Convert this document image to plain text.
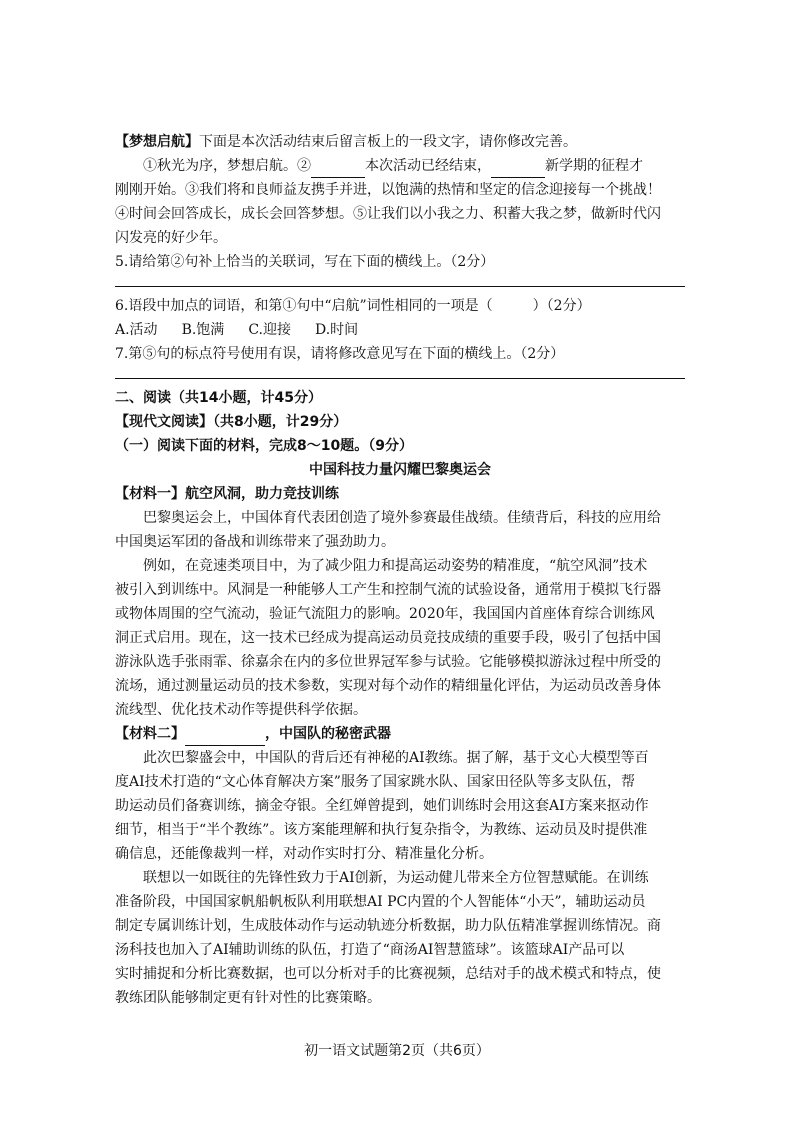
【梦想启航】下面是本次活动结束后留言板上的一段文字，请你修改完善。
①秋光为序，梦想启航。②	本次活动已经结束，	新学期的征程才
刚刚开始。③我们将和良师益友携手并进，以饱满的热情和坚定的信念迎接每一个挑战！
④时间会回答成长，成长会回答梦想。⑤让我们以小我之力、积蓄大我之梦，做新时代闪
闪发亮的好少年。
5.请给第②句补上恰当的关联词，写在下面的横线上。（2分）
6.语段中加点的词语，和第①句中“启航”词性相同的一项是（	）（2分）
A.活动 B.饱满 C.迎接 D.时间
7.第⑤句的标点符号使用有误，请将修改意见写在下面的横线上。（2分）
二、阅读（共14小题，计45分）
【现代文阅读】（共8小题，计29分）
（一）阅读下面的材料，完成8～10题。（9分）
中国科技力量闪耀巴黎奥运会
【材料一】航空风洞，助力竞技训练
巴黎奥运会上，中国体育代表团创造了境外参赛最佳战绩。佳绩背后，科技的应用给
中国奥运军团的备战和训练带来了强劲助力。
例如，在竞速类项目中，为了减少阻力和提高运动姿势的精准度，“航空风洞”技术
被引入到训练中。风洞是一种能够人工产生和控制气流的试验设备，通常用于模拟飞行器
或物体周围的空气流动，验证气流阻力的影响。2020年，我国国内首座体育综合训练风
洞正式启用。现在，这一技术已经成为提高运动员竞技成绩的重要手段，吸引了包括中国
游泳队选手张雨霏、徐嘉余在内的多位世界冠军参与试验。它能够模拟游泳过程中所受的
流场，通过测量运动员的技术参数，实现对每个动作的精细量化评估，为运动员改善身体
流线型、优化技术动作等提供科学依据。
【材料二】	，中国队的秘密武器
此次巴黎盛会中，中国队的背后还有神秘的AI教练。据了解，基于文心大模型等百
度AI技术打造的“文心体育解决方案”服务了国家跳水队、国家田径队等多支队伍，帮
助运动员们备赛训练，摘金夺银。全红婵曾提到，她们训练时会用这套AI方案来抠动作
细节，相当于“半个教练”。该方案能理解和执行复杂指令，为教练、运动员及时提供准
确信息，还能像裁判一样，对动作实时打分、精准量化分析。
联想以一如既往的先锋性致力于AI创新，为运动健儿带来全方位智慧赋能。在训练
准备阶段，中国国家帆船帆板队利用联想AI PC内置的个人智能体“小天”，辅助运动员
制定专属训练计划，生成肢体动作与运动轨迹分析数据，助力队伍精准掌握训练情况。商
汤科技也加入了AI辅助训练的队伍，打造了“商汤AI智慧篮球”。该篮球AI产品可以
实时捕捉和分析比赛数据，也可以分析对手的比赛视频，总结对手的战术模式和特点，使
教练团队能够制定更有针对性的比赛策略。
初一语文试题第2页（共6页）
